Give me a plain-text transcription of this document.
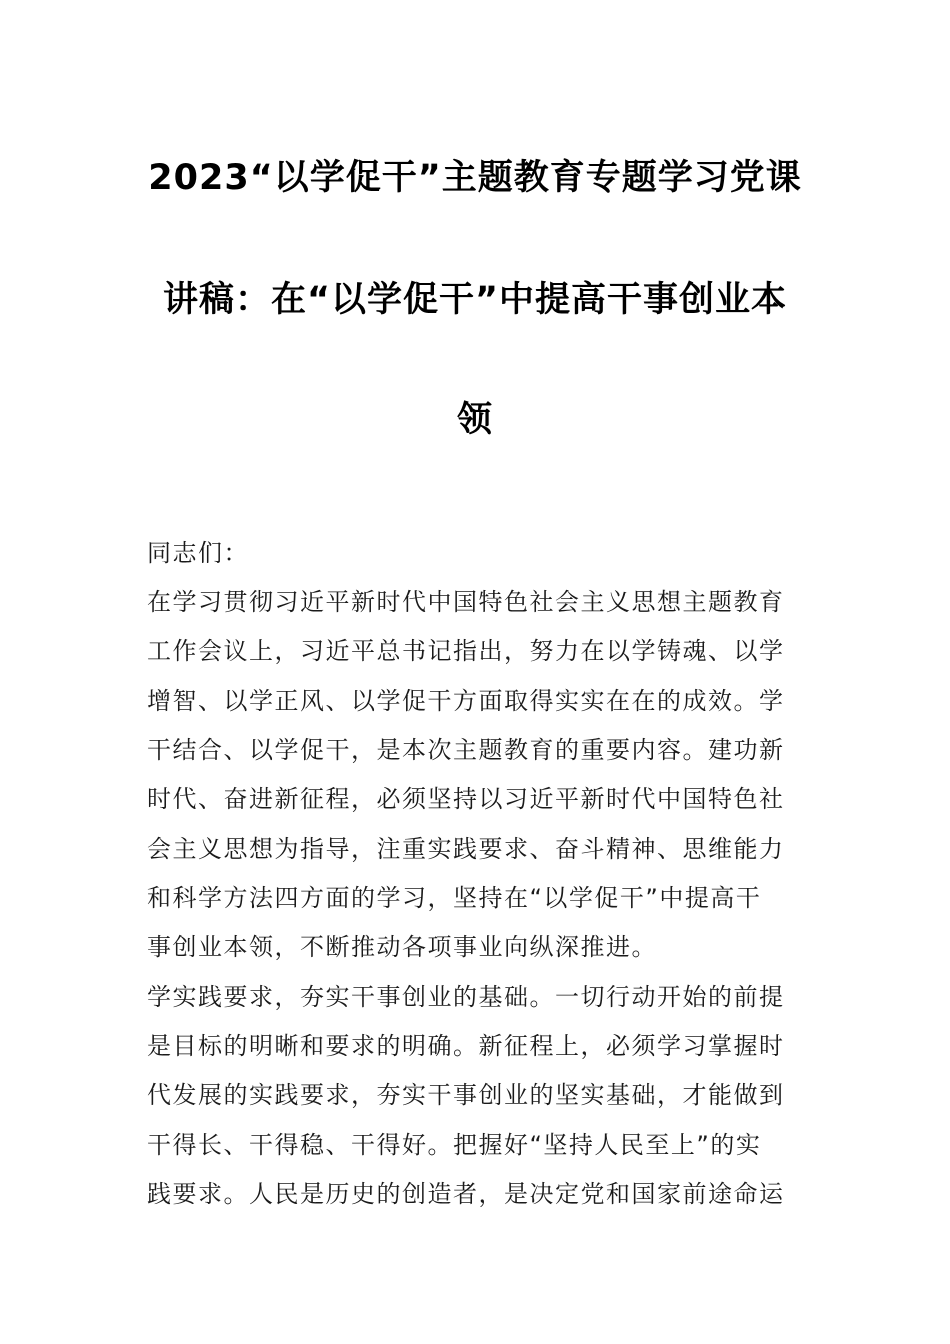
2023“以学促干”主题教育专题学习党课
讲稿：在“以学促干”中提高干事创业本
领
同志们：
在学习贯彻习近平新时代中国特色社会主义思想主题教育
工作会议上，习近平总书记指出，努力在以学铸魂、以学
增智、以学正风、以学促干方面取得实实在在的成效。学
干结合、以学促干，是本次主题教育的重要内容。建功新
时代、奋进新征程，必须坚持以习近平新时代中国特色社
会主义思想为指导，注重实践要求、奋斗精神、思维能力
和科学方法四方面的学习，坚持在“以学促干”中提高干
事创业本领，不断推动各项事业向纵深推进。
学实践要求，夯实干事创业的基础。一切行动开始的前提
是目标的明晰和要求的明确。新征程上，必须学习掌握时
代发展的实践要求，夯实干事创业的坚实基础，才能做到
干得长、干得稳、干得好。把握好“坚持人民至上”的实
践要求。人民是历史的创造者，是决定党和国家前途命运
